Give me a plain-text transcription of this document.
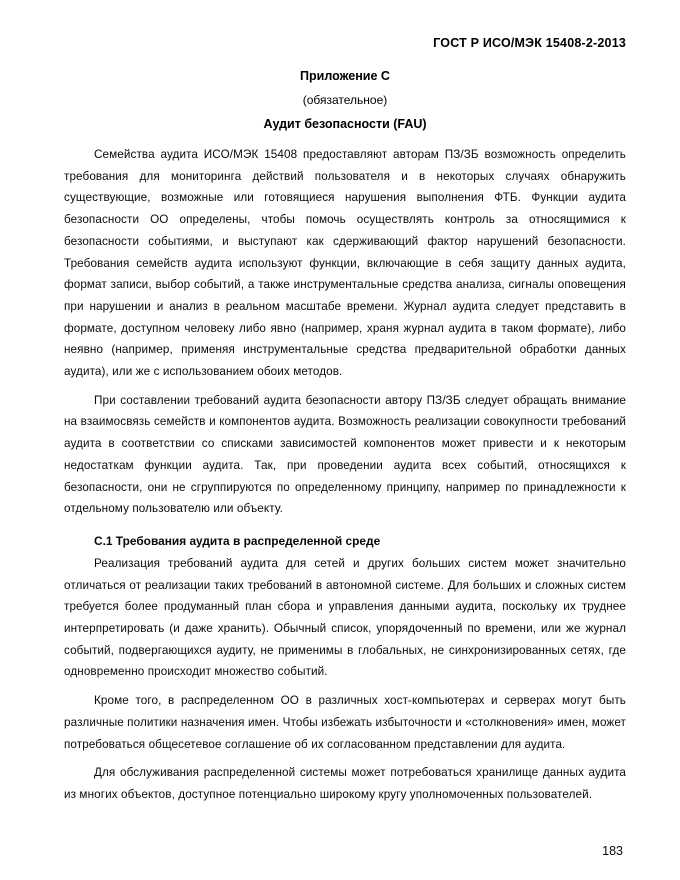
ГОСТ Р ИСО/МЭК 15408-2-2013
Приложение С
(обязательное)
Аудит безопасности (FAU)

Семейства аудита ИСО/МЭК 15408 предоставляют авторам ПЗ/ЗБ возможность определить требования для мониторинга действий пользователя и в некоторых случаях обнаружить существующие, возможные или готовящиеся нарушения выполнения ФТБ. Функции аудита безопасности ОО определены, чтобы помочь осуществлять контроль за относящимися к безопасности событиями, и выступают как сдерживающий фактор нарушений безопасности. Требования семейств аудита используют функции, включающие в себя защиту данных аудита, формат записи, выбор событий, а также инструментальные средства анализа, сигналы оповещения при нарушении и анализ в реальном масштабе времени. Журнал аудита следует представить в формате, доступном человеку либо явно (например, храня журнал аудита в таком формате), либо неявно (например, применяя инструментальные средства предварительной обработки данных аудита), или же с использованием обоих методов.

При составлении требований аудита безопасности автору ПЗ/ЗБ следует обращать внимание на взаимосвязь семейств и компонентов аудита. Возможность реализации совокупности требований аудита в соответствии со списками зависимостей компонентов может привести и к некоторым недостаткам функции аудита. Так, при проведении аудита всех событий, относящихся к безопасности, они не сгруппируются по определенному принципу, например по принадлежности к отдельному пользователю или объекту.

С.1 Требования аудита в распределенной среде

Реализация требований аудита для сетей и других больших систем может значительно отличаться от реализации таких требований в автономной системе. Для больших и сложных систем требуется более продуманный план сбора и управления данными аудита, поскольку их труднее интерпретировать (и даже хранить). Обычный список, упорядоченный по времени, или же журнал событий, подвергающихся аудиту, не применимы в глобальных, не синхронизированных сетях, где одновременно происходит множество событий.

Кроме того, в распределенном ОО в различных хост-компьютерах и серверах могут быть различные политики назначения имен. Чтобы избежать избыточности и «столкновения» имен, может потребоваться общесетевое соглашение об их согласованном представлении для аудита.

Для обслуживания распределенной системы может потребоваться хранилище данных аудита из многих объектов, доступное потенциально широкому кругу уполномоченных пользователей.

183
